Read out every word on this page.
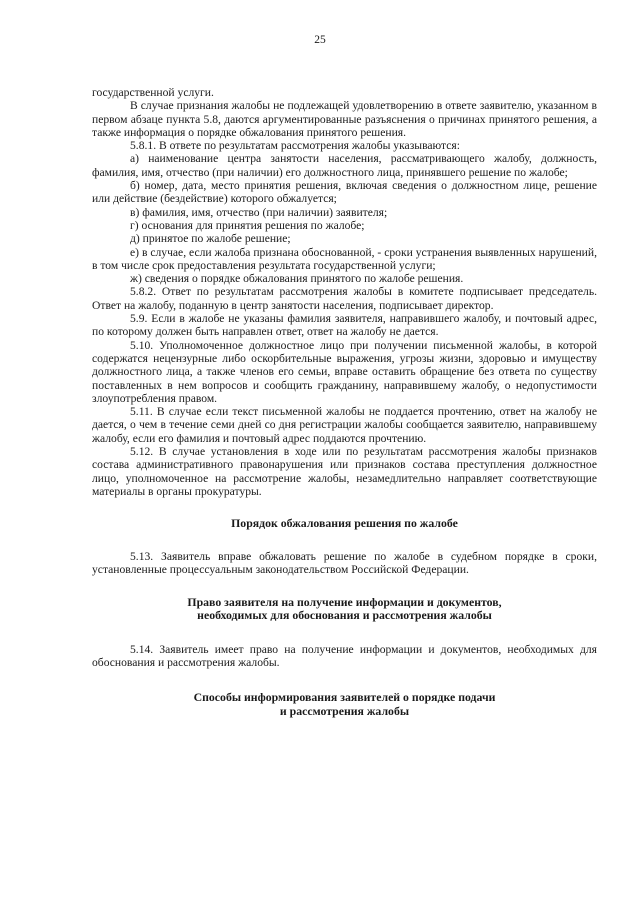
25

государственной услуги.

В случае признания жалобы не подлежащей удовлетворению в ответе заявителю, указанном в первом абзаце пункта 5.8, даются аргументированные разъяснения о причинах принятого решения, а также информация о порядке обжалования принятого решения.

5.8.1. В ответе по результатам рассмотрения жалобы указываются:

а) наименование центра занятости населения, рассматривающего жалобу, должность, фамилия, имя, отчество (при наличии) его должностного лица, принявшего решение по жалобе;

б) номер, дата, место принятия решения, включая сведения о должностном лице, решение или действие (бездействие) которого обжалуется;

в) фамилия, имя, отчество (при наличии) заявителя;

г) основания для принятия решения по жалобе;

д) принятое по жалобе решение;

е) в случае, если жалоба признана обоснованной, - сроки устранения выявленных нарушений, в том числе срок предоставления результата государственной услуги;

ж) сведения о порядке обжалования принятого по жалобе решения.

5.8.2. Ответ по результатам рассмотрения жалобы в комитете подписывает председатель. Ответ на жалобу, поданную в центр занятости населения, подписывает директор.

5.9. Если в жалобе не указаны фамилия заявителя, направившего жалобу, и почтовый адрес, по которому должен быть направлен ответ, ответ на жалобу не дается.

5.10. Уполномоченное должностное лицо при получении письменной жалобы, в которой содержатся нецензурные либо оскорбительные выражения, угрозы жизни, здоровью и имуществу должностного лица, а также членов его семьи, вправе оставить обращение без ответа по существу поставленных в нем вопросов и сообщить гражданину, направившему жалобу, о недопустимости злоупотребления правом.

5.11. В случае если текст письменной жалобы не поддается прочтению, ответ на жалобу не дается, о чем в течение семи дней со дня регистрации жалобы сообщается заявителю, направившему жалобу, если его фамилия и почтовый адрес поддаются прочтению.

5.12. В случае установления в ходе или по результатам рассмотрения жалобы признаков состава административного правонарушения или признаков состава преступления должностное лицо, уполномоченное на рассмотрение жалобы, незамедлительно направляет соответствующие материалы в органы прокуратуры.

Порядок обжалования решения по жалобе

5.13. Заявитель вправе обжаловать решение по жалобе в судебном порядке в сроки, установленные процессуальным законодательством Российской Федерации.

Право заявителя на получение информации и документов,
необходимых для обоснования и рассмотрения жалобы

5.14. Заявитель имеет право на получение информации и документов, необходимых для обоснования и рассмотрения жалобы.

Способы информирования заявителей о порядке подачи
и рассмотрения жалобы
